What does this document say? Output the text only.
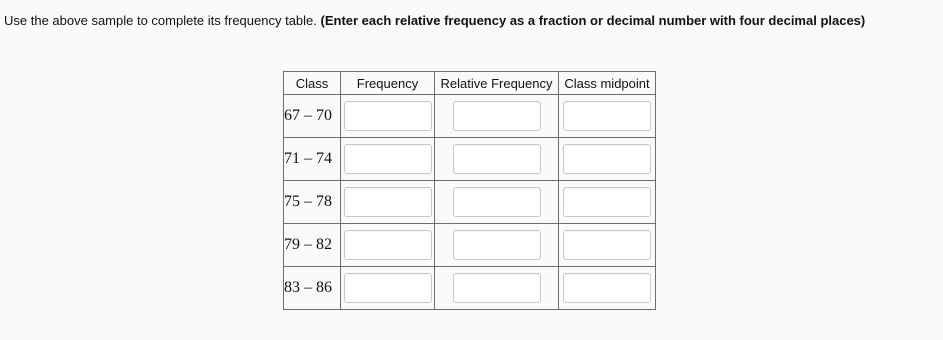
Use the above sample to complete its frequency table. (Enter each relative frequency as a fraction or decimal number with four decimal places)
Class	Frequency	Relative Frequency	Class midpoint
67 – 70			
71 – 74			
75 – 78			
79 – 82			
83 – 86			
